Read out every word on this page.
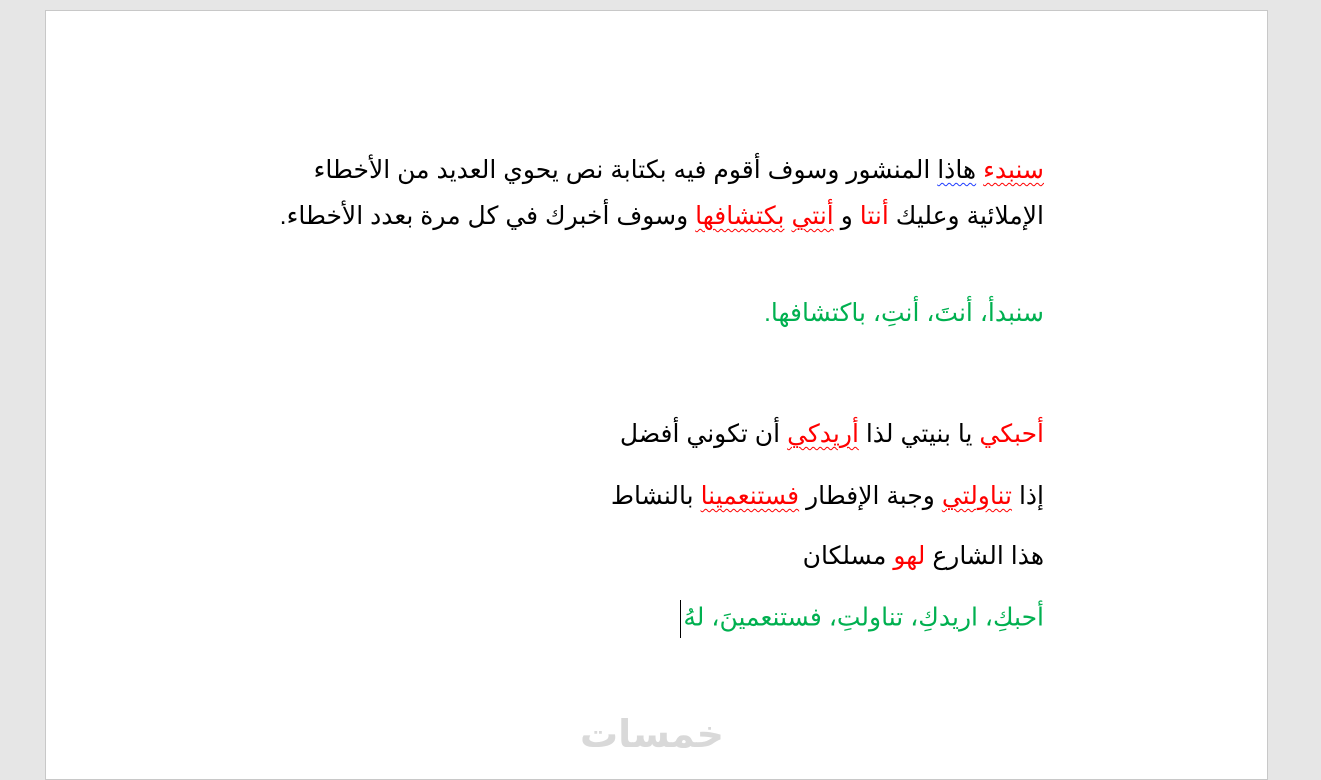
سنبدء هاذا المنشور وسوف أقوم فيه بكتابة نص يحوي العديد من الأخطاء الإملائية وعليك أنتا و أنتي بكتشافها وسوف أخبرك في كل مرة بعدد الأخطاء.
سنبدأ، أنتَ، أنتِ، باكتشافها.
أحبكي يا بنيتي لذا أريدكي أن تكوني أفضل
إذا تناولتي وجبة الإفطار فستنعمينا بالنشاط
هذا الشارع لهو مسلكان
أحبكِ، اريدكِ، تناولتِ، فستنعمينَ، لهُ
خمسات
